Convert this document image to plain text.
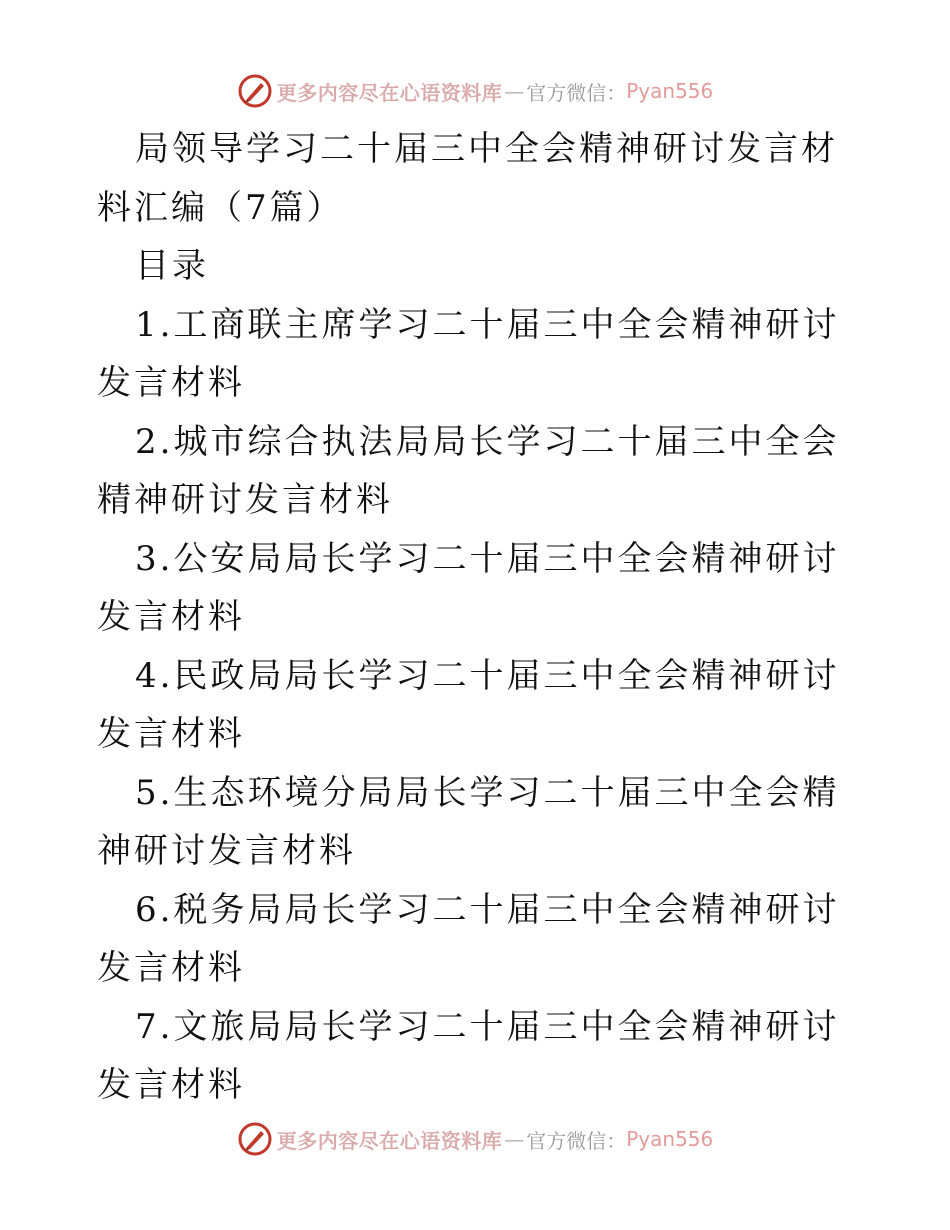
更多内容尽在心语资料库 — 官方微信： Pyan556

局领导学习二十届三中全会精神研讨发言材料汇编（7篇）

目录

1.工商联主席学习二十届三中全会精神研讨发言材料

2.城市综合执法局局长学习二十届三中全会精神研讨发言材料

3.公安局局长学习二十届三中全会精神研讨发言材料

4.民政局局长学习二十届三中全会精神研讨发言材料

5.生态环境分局局长学习二十届三中全会精神研讨发言材料

6.税务局局长学习二十届三中全会精神研讨发言材料

7.文旅局局长学习二十届三中全会精神研讨发言材料

更多内容尽在心语资料库 — 官方微信： Pyan556
